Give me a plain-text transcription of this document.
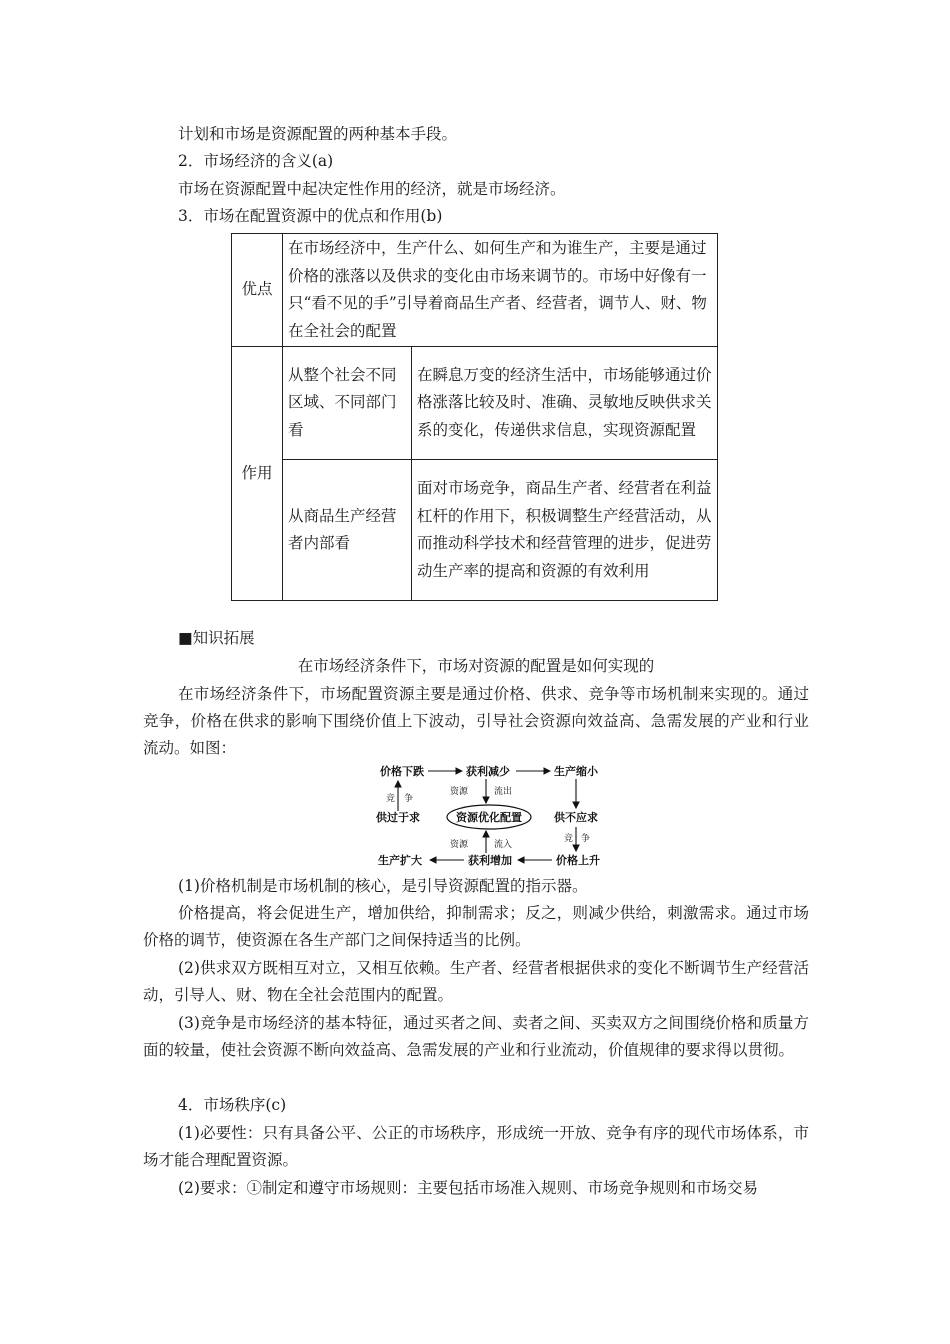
计划和市场是资源配置的两种基本手段。
2．市场经济的含义(a)
市场在资源配置中起决定性作用的经济，就是市场经济。
3．市场在配置资源中的优点和作用(b)
优点	在市场经济中，生产什么、如何生产和为谁生产，主要是通过价格的涨落以及供求的变化由市场来调节的。市场中好像有一只“看不见的手”引导着商品生产者、经营者，调节人、财、物在全社会的配置	
作用	从整个社会不同区域、不同部门看	在瞬息万变的经济生活中，市场能够通过价格涨落比较及时、准确、灵敏地反映供求关系的变化，传递供求信息，实现资源配置
	从商品生产经营者内部看	面对市场竞争，商品生产者、经营者在利益杠杆的作用下，积极调整生产经营活动，从而推动科学技术和经营管理的进步，促进劳动生产率的提高和资源的有效利用
■知识拓展
在市场经济条件下，市场对资源的配置是如何实现的
在市场经济条件下，市场配置资源主要是通过价格、供求、竞争等市场机制来实现的。通过竞争，价格在供求的影响下围绕价值上下波动，引导社会资源向效益高、急需发展的产业和行业流动。如图：
价格下跌	获利减少	生产缩小
供过于求	供不应求
生产扩大	获利增加	价格上升
资源优化配置
竞 争
资源	流出
竞 争
资源	流入
(1)价格机制是市场机制的核心，是引导资源配置的指示器。
价格提高，将会促进生产，增加供给，抑制需求；反之，则减少供给，刺激需求。通过市场价格的调节，使资源在各生产部门之间保持适当的比例。
(2)供求双方既相互对立，又相互依赖。生产者、经营者根据供求的变化不断调节生产经营活动，引导人、财、物在全社会范围内的配置。
(3)竞争是市场经济的基本特征，通过买者之间、卖者之间、买卖双方之间围绕价格和质量方面的较量，使社会资源不断向效益高、急需发展的产业和行业流动，价值规律的要求得以贯彻。
4．市场秩序(c)
(1)必要性：只有具备公平、公正的市场秩序，形成统一开放、竞争有序的现代市场体系，市场才能合理配置资源。
(2)要求：①制定和遵守市场规则：主要包括市场准入规则、市场竞争规则和市场交易
